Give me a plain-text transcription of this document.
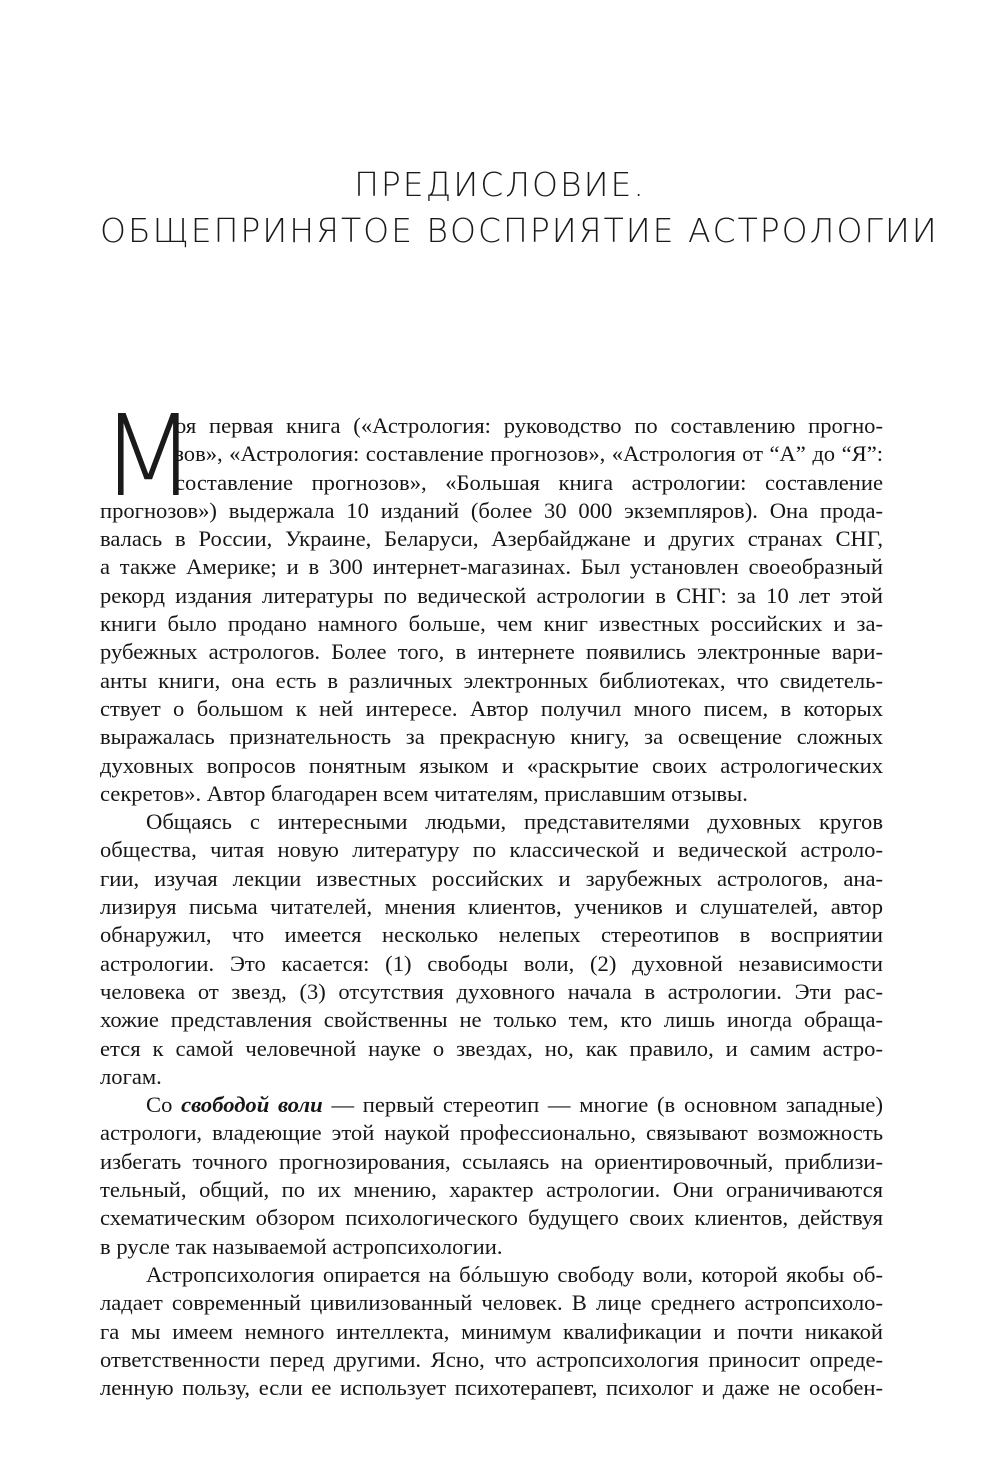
ПРЕДИСЛОВИЕ.
ОБЩЕПРИНЯТОЕ ВОСПРИЯТИЕ АСТРОЛОГИИ
М
оя первая книга («Астрология: руководство по составлению прогно-
зов», «Астрология: составление прогнозов», «Астрология от “А” до “Я”:
составление прогнозов», «Большая книга астрологии: составление
прогнозов») выдержала 10 изданий (более 30 000 экземпляров). Она прода-
валась в России, Украине, Беларуси, Азербайджане и других странах СНГ,
а также Америке; и в 300 интернет-магазинах. Был установлен своеобразный
рекорд издания литературы по ведической астрологии в СНГ: за 10 лет этой
книги было продано намного больше, чем книг известных российских и за-
рубежных астрологов. Более того, в интернете появились электронные вари-
анты книги, она есть в различных электронных библиотеках, что свидетель-
ствует о большом к ней интересе. Автор получил много писем, в которых
выражалась признательность за прекрасную книгу, за освещение сложных
духовных вопросов понятным языком и «раскрытие своих астрологических
секретов». Автор благодарен всем читателям, приславшим отзывы.
Общаясь с интересными людьми, представителями духовных кругов
общества, читая новую литературу по классической и ведической астроло-
гии, изучая лекции известных российских и зарубежных астрологов, ана-
лизируя письма читателей, мнения клиентов, учеников и слушателей, автор
обнаружил, что имеется несколько нелепых стереотипов в восприятии
астрологии. Это касается: (1) свободы воли, (2) духовной независимости
человека от звезд, (3) отсутствия духовного начала в астрологии. Эти рас-
хожие представления свойственны не только тем, кто лишь иногда обраща-
ется к самой человечной науке о звездах, но, как правило, и самим астро-
логам.
Со свободой воли — первый стереотип — многие (в основном западные)
астрологи, владеющие этой наукой профессионально, связывают возможность
избегать точного прогнозирования, ссылаясь на ориентировочный, приблизи-
тельный, общий, по их мнению, характер астрологии. Они ограничиваются
схематическим обзором психологического будущего своих клиентов, действуя
в русле так называемой астропсихологии.
Астропсихология опирается на бóльшую свободу воли, которой якобы об-
ладает современный цивилизованный человек. В лице среднего астропсихоло-
га мы имеем немного интеллекта, минимум квалификации и почти никакой
ответственности перед другими. Ясно, что астропсихология приносит опреде-
ленную пользу, если ее использует психотерапевт, психолог и даже не особен-
